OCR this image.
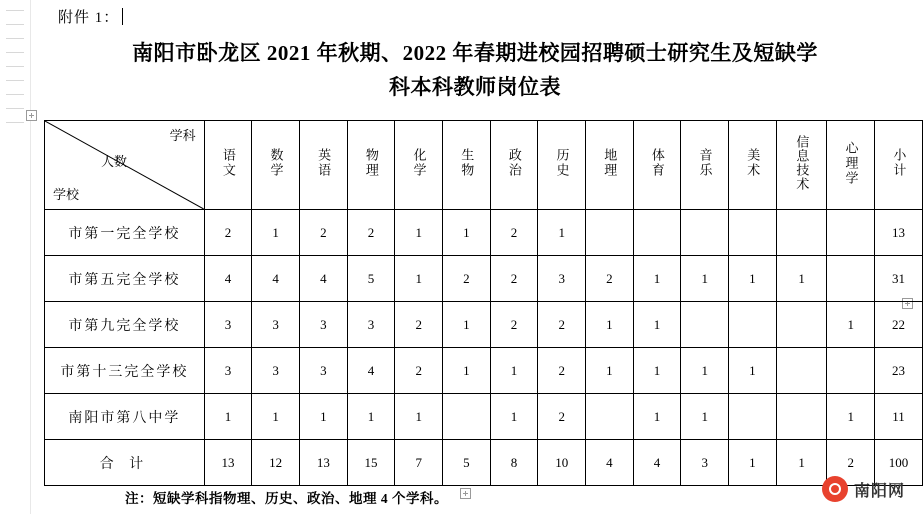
附件 1：
南阳市卧龙区 2021 年秋期、2022 年春期进校园招聘硕士研究生及短缺学
科本科教师岗位表
学科
人数
学校	语文	数学	英语	物理	化学	生物	政治	历史	地理	体育	音乐	美术	信息技术	心理学	小计
市第一完全学校	2	1	2	2	1	1	2	1							13
市第五完全学校	4	4	4	5	1	2	2	3	2	1	1	1	1		31
市第九完全学校	3	3	3	3	2	1	2	2	1	1				1	22
市第十三完全学校	3	3	3	4	2	1	1	2	1	1	1	1			23
南阳市第八中学	1	1	1	1	1		1	2		1	1			1	11
合 计	13	12	13	15	7	5	8	10	4	4	3	1	1	2	100
注：短缺学科指物理、历史、政治、地理 4 个学科。	南阳网
